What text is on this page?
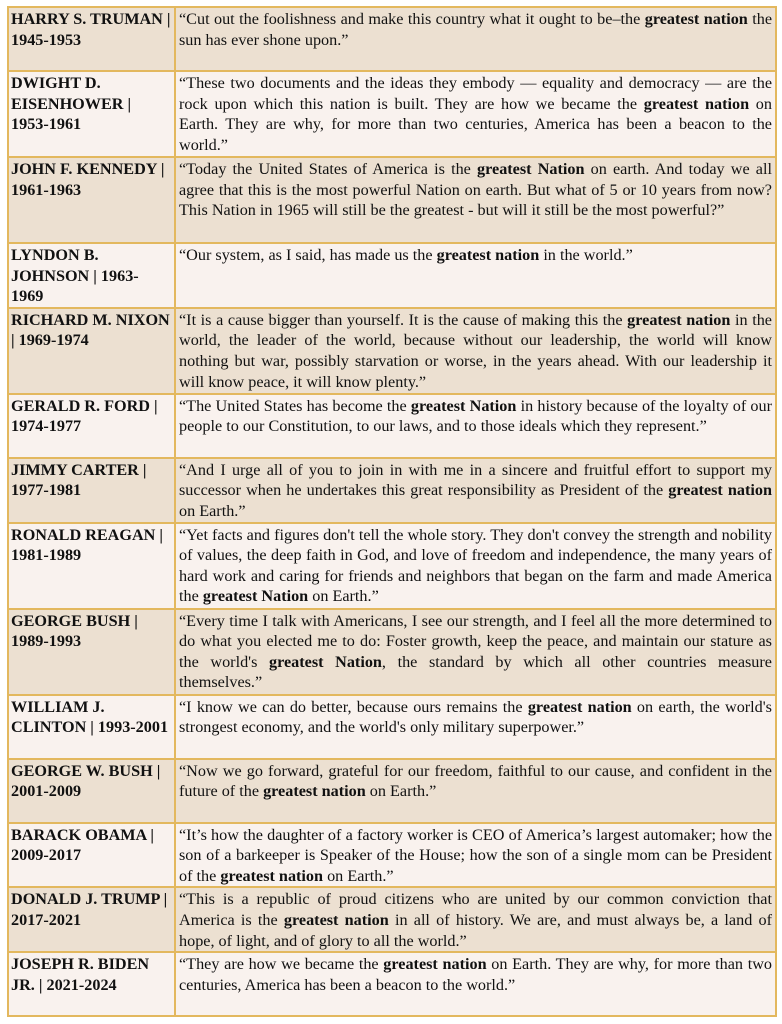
HARRY S. TRUMAN | 1945-1953	“Cut out the foolishness and make this country what it ought to be–the greatest nation the sun has ever shone upon.”
DWIGHT D. EISENHOWER | 1953-1961	“These two documents and the ideas they embody — equality and democracy — are the rock upon which this nation is built. They are how we became the greatest nation on Earth. They are why, for more than two centuries, America has been a beacon to the world.”
JOHN F. KENNEDY | 1961-1963	“Today the United States of America is the greatest Nation on earth. And today we all agree that this is the most powerful Nation on earth. But what of 5 or 10 years from now? This Nation in 1965 will still be the greatest - but will it still be the most powerful?”
LYNDON B. JOHNSON | 1963-1969	“Our system, as I said, has made us the greatest nation in the world.”
RICHARD M. NIXON | 1969-1974	“It is a cause bigger than yourself. It is the cause of making this the greatest nation in the world, the leader of the world, because without our leadership, the world will know nothing but war, possibly starvation or worse, in the years ahead. With our leadership it will know peace, it will know plenty.”
GERALD R. FORD | 1974-1977	“The United States has become the greatest Nation in history because of the loyalty of our people to our Constitution, to our laws, and to those ideals which they represent.”
JIMMY CARTER | 1977-1981	“And I urge all of you to join in with me in a sincere and fruitful effort to support my successor when he undertakes this great responsibility as President of the greatest nation on Earth.”
RONALD REAGAN | 1981-1989	“Yet facts and figures don't tell the whole story. They don't convey the strength and nobility of values, the deep faith in God, and love of freedom and independence, the many years of hard work and caring for friends and neighbors that began on the farm and made America the greatest Nation on Earth.”
GEORGE BUSH | 1989-1993	“Every time I talk with Americans, I see our strength, and I feel all the more determined to do what you elected me to do: Foster growth, keep the peace, and maintain our stature as the world's greatest Nation, the standard by which all other countries measure themselves.”
WILLIAM J. CLINTON | 1993-2001	“I know we can do better, because ours remains the greatest nation on earth, the world's strongest economy, and the world's only military superpower.”
GEORGE W. BUSH | 2001-2009	“Now we go forward, grateful for our freedom, faithful to our cause, and confident in the future of the greatest nation on Earth.”
BARACK OBAMA | 2009-2017	“It’s how the daughter of a factory worker is CEO of America’s largest automaker; how the son of a barkeeper is Speaker of the House; how the son of a single mom can be President of the greatest nation on Earth.”
DONALD J. TRUMP | 2017-2021	“This is a republic of proud citizens who are united by our common conviction that America is the greatest nation in all of history. We are, and must always be, a land of hope, of light, and of glory to all the world.”
JOSEPH R. BIDEN JR. | 2021-2024	“They are how we became the greatest nation on Earth. They are why, for more than two centuries, America has been a beacon to the world.”
